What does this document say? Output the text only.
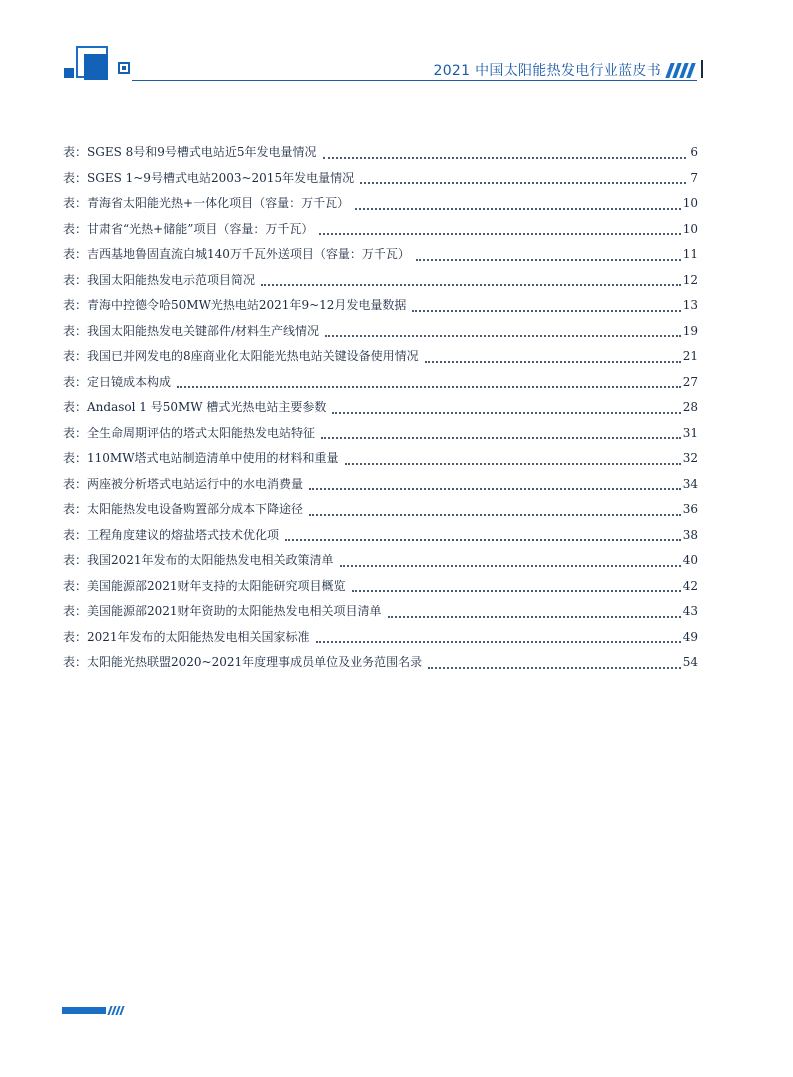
2021 中国太阳能热发电行业蓝皮书
表： SGES 8号和9号槽式电站近5年发电量情况	6
表： SGES 1~9号槽式电站2003~2015年发电量情况	7
表： 青海省太阳能光热+一体化项目（容量：万千瓦）	10
表： 甘肃省“光热+储能”项目（容量：万千瓦）	10
表： 吉西基地鲁固直流白城140万千瓦外送项目（容量：万千瓦）	11
表： 我国太阳能热发电示范项目简况	12
表： 青海中控德令哈50MW光热电站2021年9~12月发电量数据	13
表： 我国太阳能热发电关键部件/材料生产线情况	19
表： 我国已并网发电的8座商业化太阳能光热电站关键设备使用情况	21
表： 定日镜成本构成	27
表： Andasol 1 号50MW 槽式光热电站主要参数	28
表： 全生命周期评估的塔式太阳能热发电站特征	31
表： 110MW塔式电站制造清单中使用的材料和重量	32
表： 两座被分析塔式电站运行中的水电消费量	34
表： 太阳能热发电设备购置部分成本下降途径	36
表： 工程角度建议的熔盐塔式技术优化项	38
表： 我国2021年发布的太阳能热发电相关政策清单	40
表： 美国能源部2021财年支持的太阳能研究项目概览	42
表： 美国能源部2021财年资助的太阳能热发电相关项目清单	43
表： 2021年发布的太阳能热发电相关国家标准	49
表： 太阳能光热联盟2020~2021年度理事成员单位及业务范围名录	54
